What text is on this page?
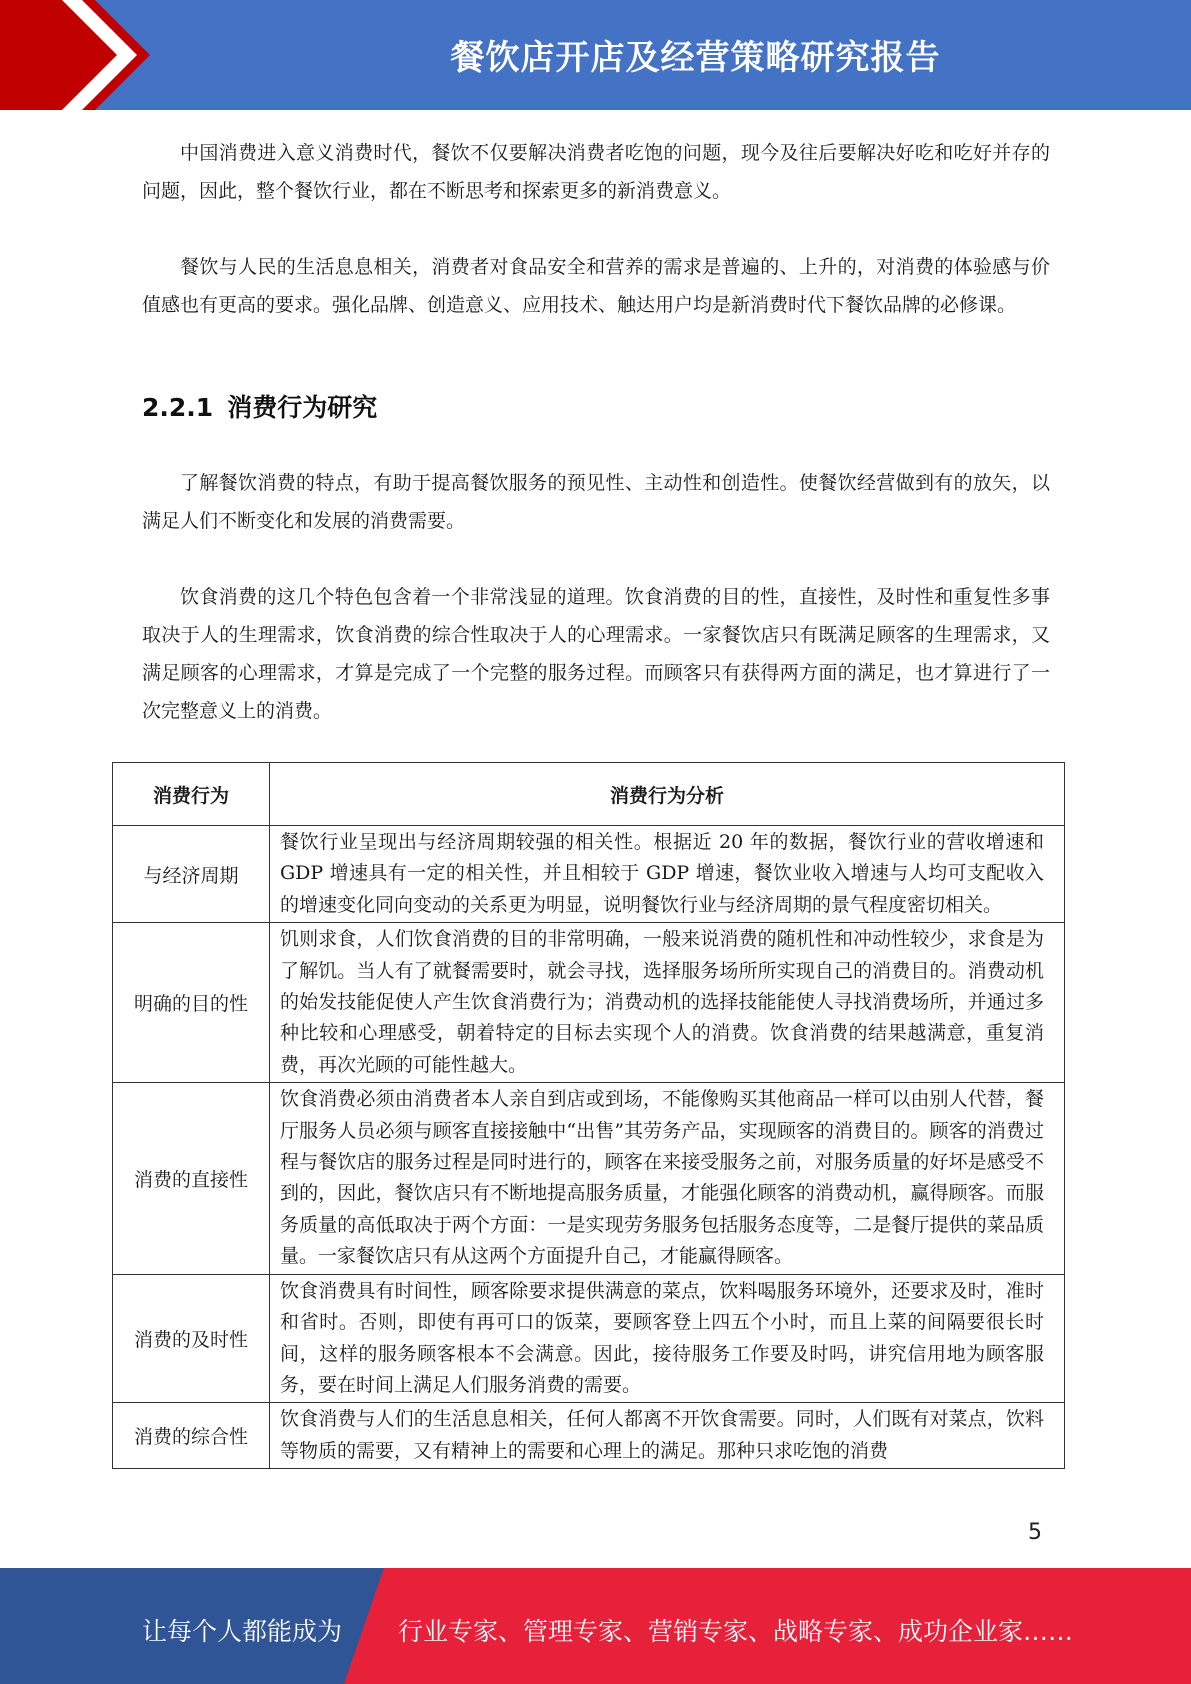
餐饮店开店及经营策略研究报告

中国消费进入意义消费时代，餐饮不仅要解决消费者吃饱的问题，现今及往后要解决好吃和吃好并存的问题，因此，整个餐饮行业，都在不断思考和探索更多的新消费意义。

餐饮与人民的生活息息相关，消费者对食品安全和营养的需求是普遍的、上升的，对消费的体验感与价值感也有更高的要求。强化品牌、创造意义、应用技术、触达用户均是新消费时代下餐饮品牌的必修课。

2.2.1 消费行为研究

了解餐饮消费的特点，有助于提高餐饮服务的预见性、主动性和创造性。使餐饮经营做到有的放矢，以满足人们不断变化和发展的消费需要。

饮食消费的这几个特色包含着一个非常浅显的道理。饮食消费的目的性，直接性，及时性和重复性多事取决于人的生理需求，饮食消费的综合性取决于人的心理需求。一家餐饮店只有既满足顾客的生理需求，又满足顾客的心理需求，才算是完成了一个完整的服务过程。而顾客只有获得两方面的满足，也才算进行了一次完整意义上的消费。

消费行为	消费行为分析
与经济周期	餐饮行业呈现出与经济周期较强的相关性。根据近 20 年的数据，餐饮行业的营收增速和 GDP 增速具有一定的相关性，并且相较于 GDP 增速，餐饮业收入增速与人均可支配收入的增速变化同向变动的关系更为明显，说明餐饮行业与经济周期的景气程度密切相关。
明确的目的性	饥则求食，人们饮食消费的目的非常明确，一般来说消费的随机性和冲动性较少，求食是为了解饥。当人有了就餐需要时，就会寻找，选择服务场所所实现自己的消费目的。消费动机的始发技能促使人产生饮食消费行为；消费动机的选择技能能使人寻找消费场所，并通过多种比较和心理感受，朝着特定的目标去实现个人的消费。饮食消费的结果越满意，重复消费，再次光顾的可能性越大。
消费的直接性	饮食消费必须由消费者本人亲自到店或到场，不能像购买其他商品一样可以由别人代替，餐厅服务人员必须与顾客直接接触中“出售”其劳务产品，实现顾客的消费目的。顾客的消费过程与餐饮店的服务过程是同时进行的，顾客在来接受服务之前，对服务质量的好坏是感受不到的，因此，餐饮店只有不断地提高服务质量，才能强化顾客的消费动机，赢得顾客。而服务质量的高低取决于两个方面：一是实现劳务服务包括服务态度等，二是餐厅提供的菜品质量。一家餐饮店只有从这两个方面提升自己，才能赢得顾客。
消费的及时性	饮食消费具有时间性，顾客除要求提供满意的菜点，饮料喝服务环境外，还要求及时，准时和省时。否则，即使有再可口的饭菜，要顾客登上四五个小时，而且上菜的间隔要很长时间，这样的服务顾客根本不会满意。因此，接待服务工作要及时吗，讲究信用地为顾客服务，要在时间上满足人们服务消费的需要。
消费的综合性	饮食消费与人们的生活息息相关，任何人都离不开饮食需要。同时，人们既有对菜点，饮料等物质的需要，又有精神上的需要和心理上的满足。那种只求吃饱的消费
5
让每个人都能成为 行业专家、管理专家、营销专家、战略专家、成功企业家……
